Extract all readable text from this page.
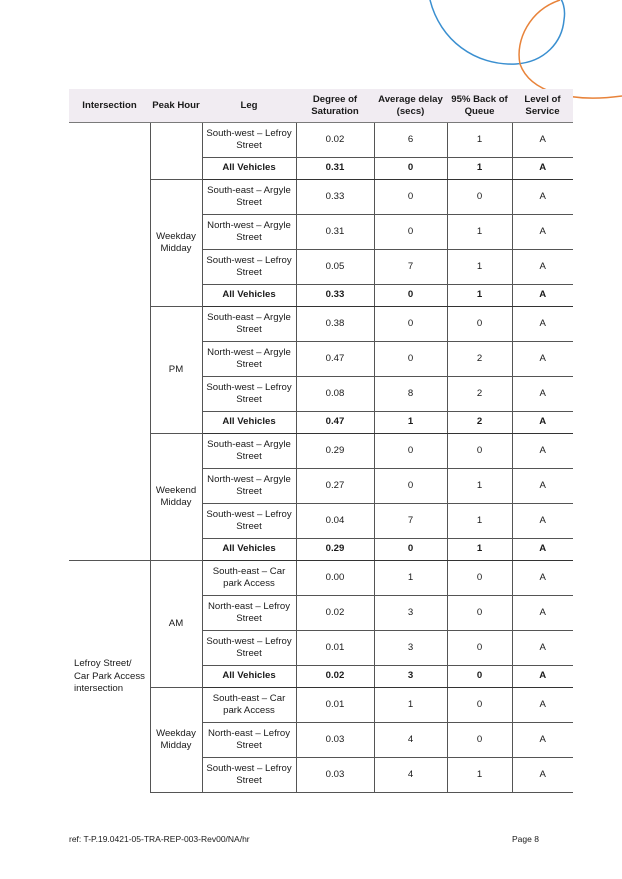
Intersection	Peak Hour	Leg	Degree of Saturation	Average delay (secs)	95% Back of Queue	Level of Service
		South-west – Lefroy Street	0.02	6	1	A
		All Vehicles	0.31	0	1	A
	Weekday Midday	South-east – Argyle Street	0.33	0	0	A
		North-west – Argyle Street	0.31	0	1	A
		South-west – Lefroy Street	0.05	7	1	A
		All Vehicles	0.33	0	1	A
	PM	South-east – Argyle Street	0.38	0	0	A
		North-west – Argyle Street	0.47	0	2	A
		South-west – Lefroy Street	0.08	8	2	A
		All Vehicles	0.47	1	2	A
	Weekend Midday	South-east – Argyle Street	0.29	0	0	A
		North-west – Argyle Street	0.27	0	1	A
		South-west – Lefroy Street	0.04	7	1	A
		All Vehicles	0.29	0	1	A
Lefroy Street/ Car Park Access intersection	AM	South-east – Car park Access	0.00	1	0	A
		North-east – Lefroy Street	0.02	3	0	A
		South-west – Lefroy Street	0.01	3	0	A
		All Vehicles	0.02	3	0	A
	Weekday Midday	South-east – Car park Access	0.01	1	0	A
		North-east – Lefroy Street	0.03	4	0	A
		South-west – Lefroy Street	0.03	4	1	A
ref: T-P.19.0421-05-TRA-REP-003-Rev00/NA/hr	Page 8
